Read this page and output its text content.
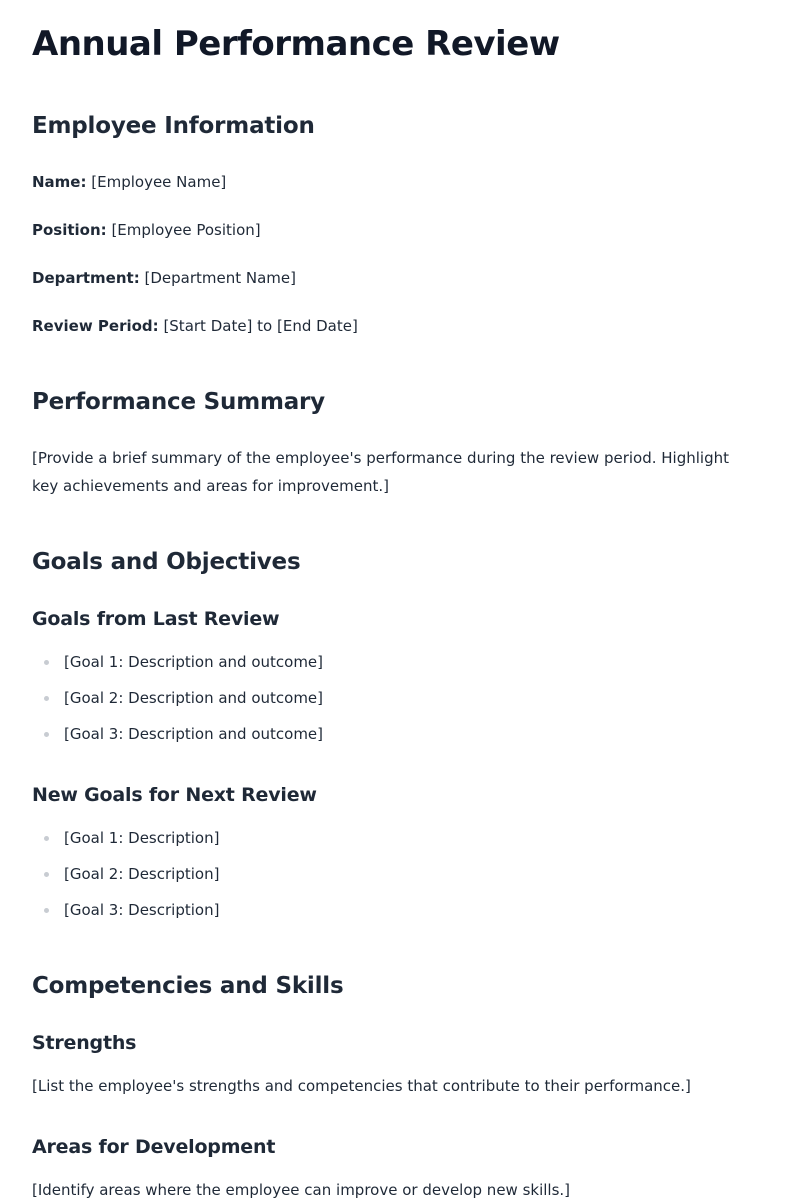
Annual Performance Review
Employee Information
Name: [Employee Name]
Position: [Employee Position]
Department: [Department Name]
Review Period: [Start Date] to [End Date]
Performance Summary

[Provide a brief summary of the employee's performance during the review period. Highlight key achievements and areas for improvement.]

Goals and Objectives
Goals from Last Review
[Goal 1: Description and outcome]
[Goal 2: Description and outcome]
[Goal 3: Description and outcome]
New Goals for Next Review
[Goal 1: Description]
[Goal 2: Description]
[Goal 3: Description]
Competencies and Skills
Strengths

[List the employee's strengths and competencies that contribute to their performance.]

Areas for Development

[Identify areas where the employee can improve or develop new skills.]
